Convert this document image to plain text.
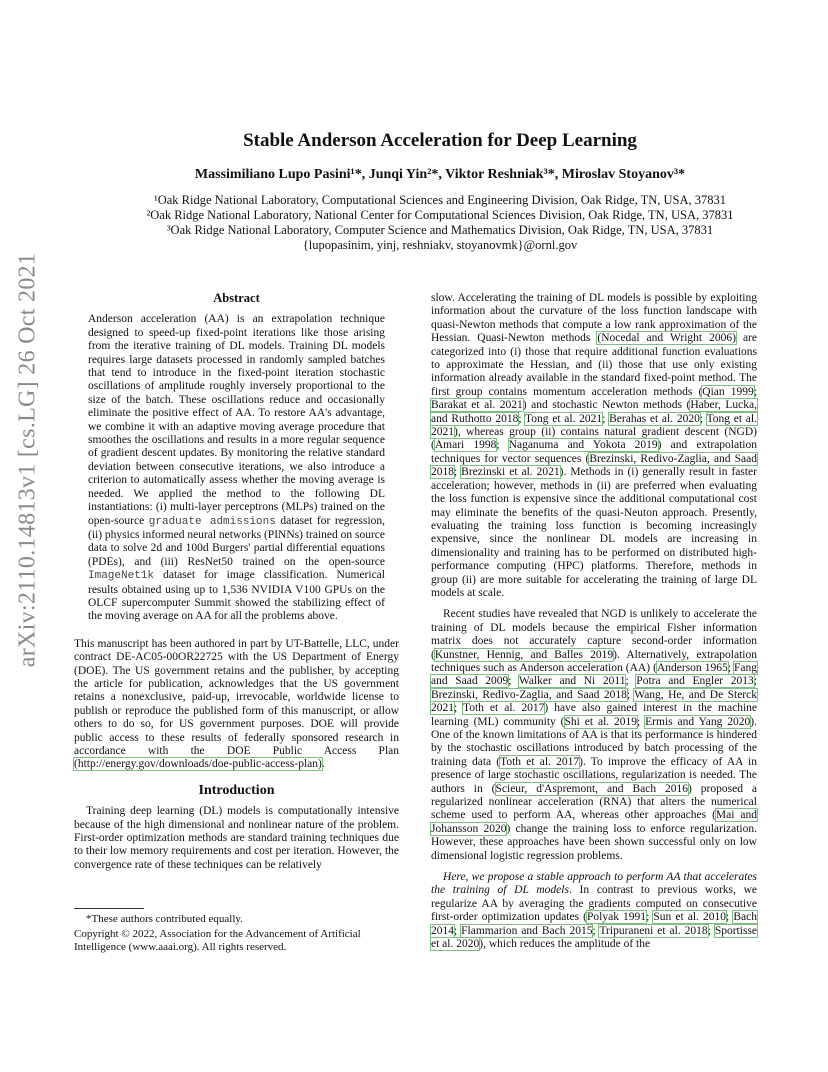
arXiv:2110.14813v1 [cs.LG] 26 Oct 2021
Stable Anderson Acceleration for Deep Learning
Massimiliano Lupo Pasini¹*, Junqi Yin²*, Viktor Reshniak³*, Miroslav Stoyanov³*
¹Oak Ridge National Laboratory, Computational Sciences and Engineering Division, Oak Ridge, TN, USA, 37831
²Oak Ridge National Laboratory, National Center for Computational Sciences Division, Oak Ridge, TN, USA, 37831
³Oak Ridge National Laboratory, Computer Science and Mathematics Division, Oak Ridge, TN, USA, 37831
{lupopasinim, yinj, reshniakv, stoyanovmk}@ornl.gov
Abstract

Anderson acceleration (AA) is an extrapolation technique designed to speed-up fixed-point iterations like those arising from the iterative training of DL models. Training DL models requires large datasets processed in randomly sampled batches that tend to introduce in the fixed-point iteration stochastic oscillations of amplitude roughly inversely proportional to the size of the batch. These oscillations reduce and occasionally eliminate the positive effect of AA. To restore AA's advantage, we combine it with an adaptive moving average procedure that smoothes the oscillations and results in a more regular sequence of gradient descent updates. By monitoring the relative standard deviation between consecutive iterations, we also introduce a criterion to automatically assess whether the moving average is needed. We applied the method to the following DL instantiations: (i) multi-layer perceptrons (MLPs) trained on the open-source graduate admissions dataset for regression, (ii) physics informed neural networks (PINNs) trained on source data to solve 2d and 100d Burgers' partial differential equations (PDEs), and (iii) ResNet50 trained on the open-source ImageNet1k dataset for image classification. Numerical results obtained using up to 1,536 NVIDIA V100 GPUs on the OLCF supercomputer Summit showed the stabilizing effect of the moving average on AA for all the problems above.

This manuscript has been authored in part by UT-Battelle, LLC, under contract DE-AC05-00OR22725 with the US Department of Energy (DOE). The US government retains and the publisher, by accepting the article for publication, acknowledges that the US government retains a nonexclusive, paid-up, irrevocable, worldwide license to publish or reproduce the published form of this manuscript, or allow others to do so, for US government purposes. DOE will provide public access to these results of federally sponsored research in accordance with the DOE Public Access Plan (http://energy.gov/downloads/doe-public-access-plan).

Introduction

Training deep learning (DL) models is computationally intensive because of the high dimensional and nonlinear nature of the problem. First-order optimization methods are standard training techniques due to their low memory requirements and cost per iteration. However, the convergence rate of these techniques can be relatively

*These authors contributed equally.
Copyright © 2022, Association for the Advancement of Artificial Intelligence (www.aaai.org). All rights reserved.

slow. Accelerating the training of DL models is possible by exploiting information about the curvature of the loss function landscape with quasi-Newton methods that compute a low rank approximation of the Hessian. Quasi-Newton methods (Nocedal and Wright 2006) are categorized into (i) those that require additional function evaluations to approximate the Hessian, and (ii) those that use only existing information already available in the standard fixed-point method. The first group contains momentum acceleration methods (Qian 1999; Barakat et al. 2021) and stochastic Newton methods (Haber, Lucka, and Ruthotto 2018; Tong et al. 2021; Berahas et al. 2020; Tong et al. 2021), whereas group (ii) contains natural gradient descent (NGD) (Amari 1998; Naganuma and Yokota 2019) and extrapolation techniques for vector sequences (Brezinski, Redivo-Zaglia, and Saad 2018; Brezinski et al. 2021). Methods in (i) generally result in faster acceleration; however, methods in (ii) are preferred when evaluating the loss function is expensive since the additional computational cost may eliminate the benefits of the quasi-Neuton approach. Presently, evaluating the training loss function is becoming increasingly expensive, since the nonlinear DL models are increasing in dimensionality and training has to be performed on distributed high-performance computing (HPC) platforms. Therefore, methods in group (ii) are more suitable for accelerating the training of large DL models at scale.

Recent studies have revealed that NGD is unlikely to accelerate the training of DL models because the empirical Fisher information matrix does not accurately capture second-order information (Kunstner, Hennig, and Balles 2019). Alternatively, extrapolation techniques such as Anderson acceleration (AA) (Anderson 1965; Fang and Saad 2009; Walker and Ni 2011; Potra and Engler 2013; Brezinski, Redivo-Zaglia, and Saad 2018; Wang, He, and De Sterck 2021; Toth et al. 2017) have also gained interest in the machine learning (ML) community (Shi et al. 2019; Ermis and Yang 2020). One of the known limitations of AA is that its performance is hindered by the stochastic oscillations introduced by batch processing of the training data (Toth et al. 2017). To improve the efficacy of AA in presence of large stochastic oscillations, regularization is needed. The authors in (Scieur, d'Aspremont, and Bach 2016) proposed a regularized nonlinear acceleration (RNA) that alters the numerical scheme used to perform AA, whereas other approaches (Mai and Johansson 2020) change the training loss to enforce regularization. However, these approaches have been shown successful only on low dimensional logistic regression problems.

Here, we propose a stable approach to perform AA that accelerates the training of DL models. In contrast to previous works, we regularize AA by averaging the gradients computed on consecutive first-order optimization updates (Polyak 1991; Sun et al. 2010; Bach 2014; Flammarion and Bach 2015; Tripuraneni et al. 2018; Sportisse et al. 2020), which reduces the amplitude of the
